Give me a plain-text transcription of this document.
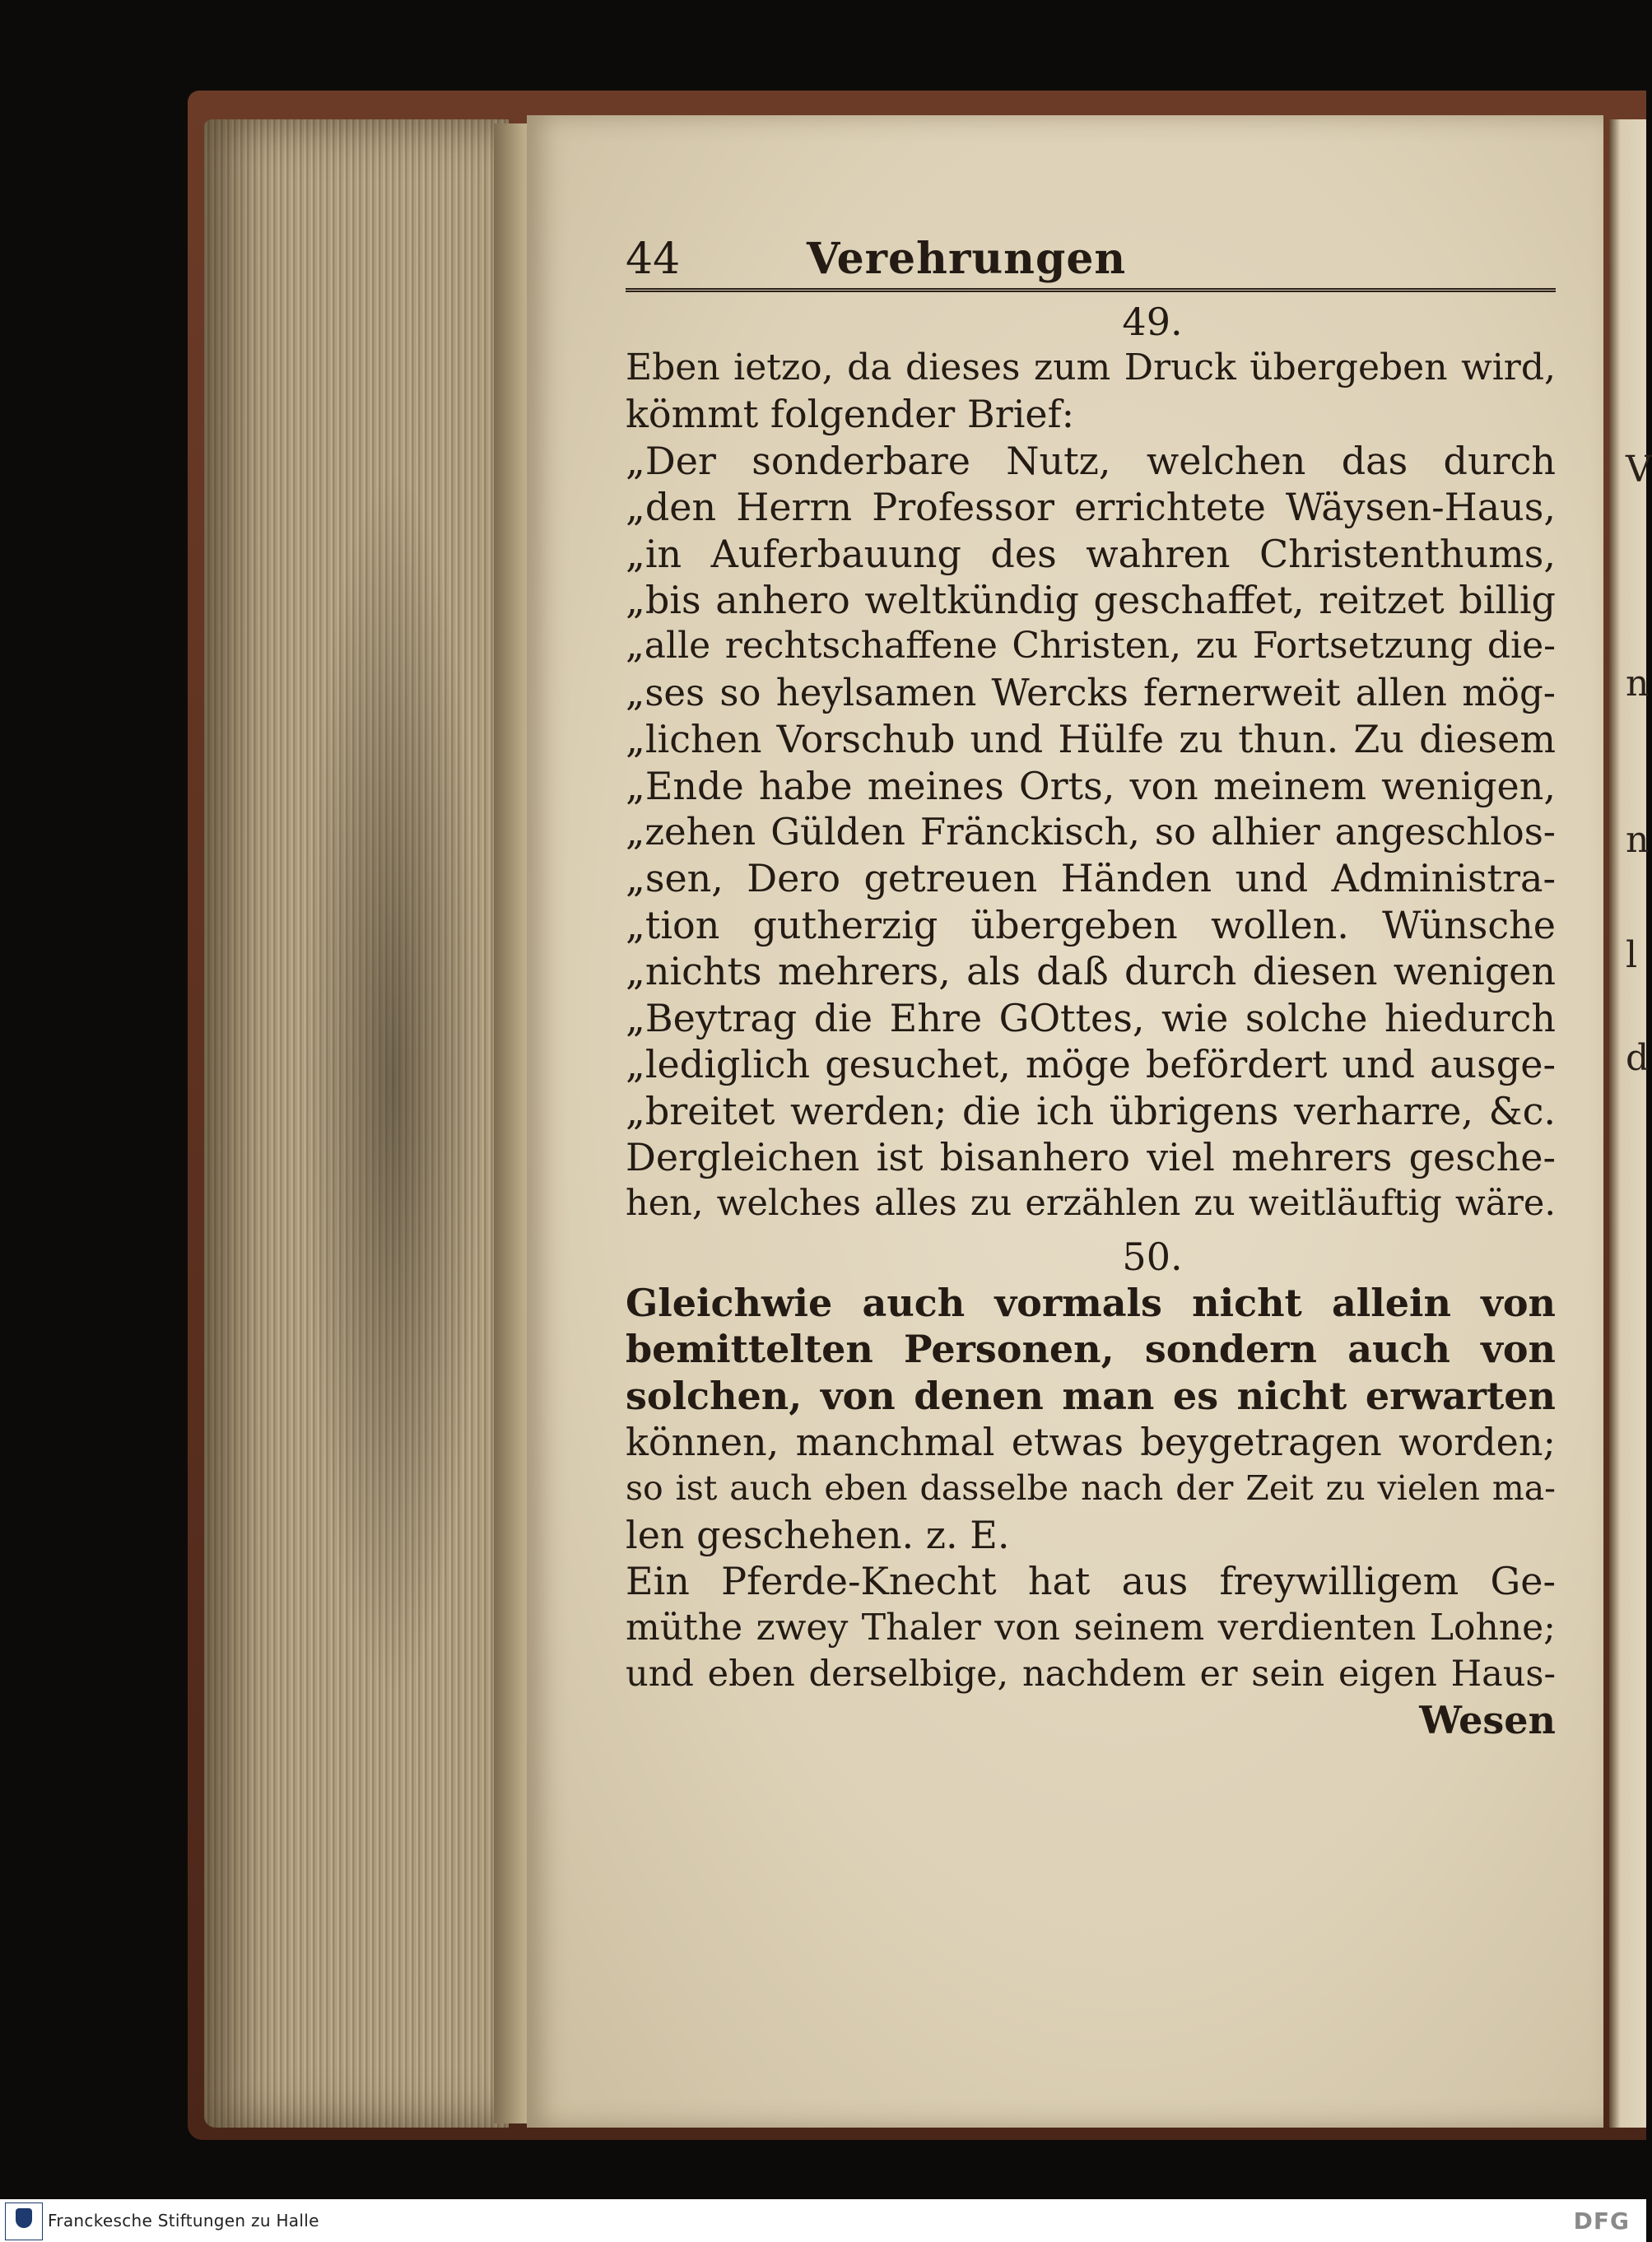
V
n
n
l
d
44	Verehrungen
49.
Eben ietzo, da dieses zum Druck übergeben wird,
kömmt folgender Brief:
„Der sonderbare Nutz, welchen das durch
„den Herrn Professor errichtete Wäysen-Haus,
„in Auferbauung des wahren Christenthums,
„bis anhero weltkündig geschaffet, reitzet billig
„alle rechtschaffene Christen, zu Fortsetzung die-
„ses so heylsamen Wercks fernerweit allen mög-
„lichen Vorschub und Hülfe zu thun. Zu diesem
„Ende habe meines Orts, von meinem wenigen,
„zehen Gülden Fränckisch, so alhier angeschlos-
„sen, Dero getreuen Händen und Administra-
„tion gutherzig übergeben wollen. Wünsche
„nichts mehrers, als daß durch diesen wenigen
„Beytrag die Ehre GOttes, wie solche hiedurch
„lediglich gesuchet, möge befördert und ausge-
„breitet werden; die ich übrigens verharre, &c.
Dergleichen ist bisanhero viel mehrers gesche-
hen, welches alles zu erzählen zu weitläuftig wäre.
50.
Gleichwie auch vormals nicht allein von
bemittelten Personen, sondern auch von
solchen, von denen man es nicht erwarten
können, manchmal etwas beygetragen worden;
so ist auch eben dasselbe nach der Zeit zu vielen ma-
len geschehen. z. E.
Ein Pferde-Knecht hat aus freywilligem Ge-
müthe zwey Thaler von seinem verdienten Lohne;
und eben derselbige, nachdem er sein eigen Haus-
Wesen
Franckesche Stiftungen zu Halle	DFG
